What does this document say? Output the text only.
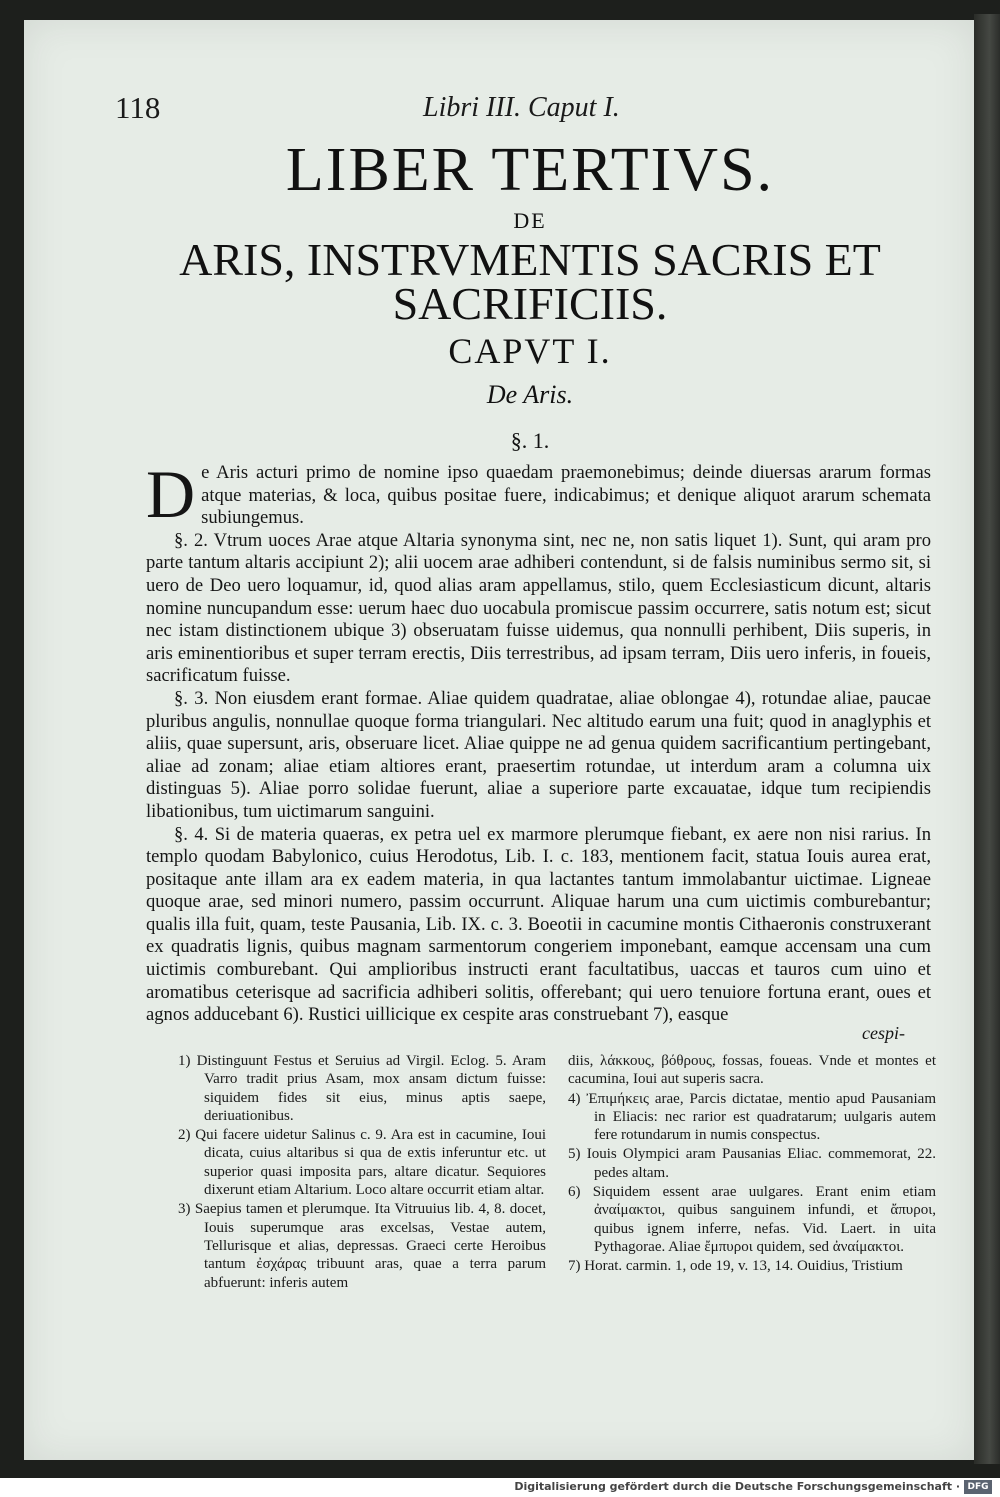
118	Libri III. Caput I.
LIBER TERTIVS.
DE
ARIS, INSTRVMENTIS SACRIS ET
SACRIFICIIS.
CAPVT I.
De Aris.
§. 1.

De Aris acturi primo de nomine ipso quaedam praemonebimus; deinde diuersas ararum formas atque materias, & loca, quibus positae fuere, indicabimus; et denique aliquot ararum schemata subiungemus.

§. 2. Vtrum uoces Arae atque Altaria synonyma sint, nec ne, non satis liquet 1). Sunt, qui aram pro parte tantum altaris accipiunt 2); alii uocem arae adhiberi contendunt, si de falsis numinibus sermo sit, si uero de Deo uero loquamur, id, quod alias aram appellamus, stilo, quem Ecclesiasticum dicunt, altaris nomine nuncupandum esse: uerum haec duo uocabula promiscue passim occurrere, satis notum est; sicut nec istam distinctionem ubique 3) obseruatam fuisse uidemus, qua nonnulli perhibent, Diis superis, in aris eminentioribus et super terram erectis, Diis terrestribus, ad ipsam terram, Diis uero inferis, in foueis, sacrificatum fuisse.

§. 3. Non eiusdem erant formae. Aliae quidem quadratae, aliae oblongae 4), rotundae aliae, paucae pluribus angulis, nonnullae quoque forma triangulari. Nec altitudo earum una fuit; quod in anaglyphis et aliis, quae supersunt, aris, obseruare licet. Aliae quippe ne ad genua quidem sacrificantium pertingebant, aliae ad zonam; aliae etiam altiores erant, praesertim rotundae, ut interdum aram a columna uix distinguas 5). Aliae porro solidae fuerunt, aliae a superiore parte excauatae, idque tum recipiendis libationibus, tum uictimarum sanguini.

§. 4. Si de materia quaeras, ex petra uel ex marmore plerumque fiebant, ex aere non nisi rarius. In templo quodam Babylonico, cuius Herodotus, Lib. I. c. 183, mentionem facit, statua Iouis aurea erat, positaque ante illam ara ex eadem materia, in qua lactantes tantum immolabantur uictimae. Ligneae quoque arae, sed minori numero, passim occurrunt. Aliquae harum una cum uictimis comburebantur; qualis illa fuit, quam, teste Pausania, Lib. IX. c. 3. Boeotii in cacumine montis Cithaeronis construxerant ex quadratis lignis, quibus magnam sarmentorum congeriem imponebant, eamque accensam una cum uictimis comburebant. Qui amplioribus instructi erant facultatibus, uaccas et tauros cum uino et aromatibus ceterisque ad sacrificia adhiberi solitis, offerebant; qui uero tenuiore fortuna erant, oues et agnos adducebant 6). Rustici uillicique ex cespite aras construebant 7), easque

cespi-

1) Distinguunt Festus et Seruius ad Virgil. Eclog. 5. Aram Varro tradit prius Asam, mox ansam dictum fuisse: siquidem fides sit eius, minus aptis saepe, deriuationibus.

2) Qui facere uidetur Salinus c. 9. Ara est in cacumine, Ioui dicata, cuius altaribus si qua de extis inferuntur etc. ut superior quasi imposita pars, altare dicatur. Sequiores dixerunt etiam Altarium. Loco altare occurrit etiam altar.

3) Saepius tamen et plerumque. Ita Vitruuius lib. 4, 8. docet, Iouis superumque aras excelsas, Vestae autem, Tellurisque et alias, depressas. Graeci certe Heroibus tantum ἐσχάρας tribuunt aras, quae a terra parum abfuerunt: inferis autem

diis, λάκκους, βόθρους, fossas, foueas. Vnde et montes et cacumina, Ioui aut superis sacra.

4) Ἐπιμήκεις arae, Parcis dictatae, mentio apud Pausaniam in Eliacis: nec rarior est quadratarum; uulgaris autem fere rotundarum in numis conspectus.

5) Iouis Olympici aram Pausanias Eliac. commemorat, 22. pedes altam.

6) Siquidem essent arae uulgares. Erant enim etiam ἀναίμακτοι, quibus sanguinem infundi, et ἄπυροι, quibus ignem inferre, nefas. Vid. Laert. in uita Pythagorae. Aliae ἔμπυροι quidem, sed ἀναίμακτοι.

7) Horat. carmin. 1, ode 19, v. 13, 14. Ouidius, Tristium

Digitalisierung gefördert durch die Deutsche Forschungsgemeinschaft · DFG
